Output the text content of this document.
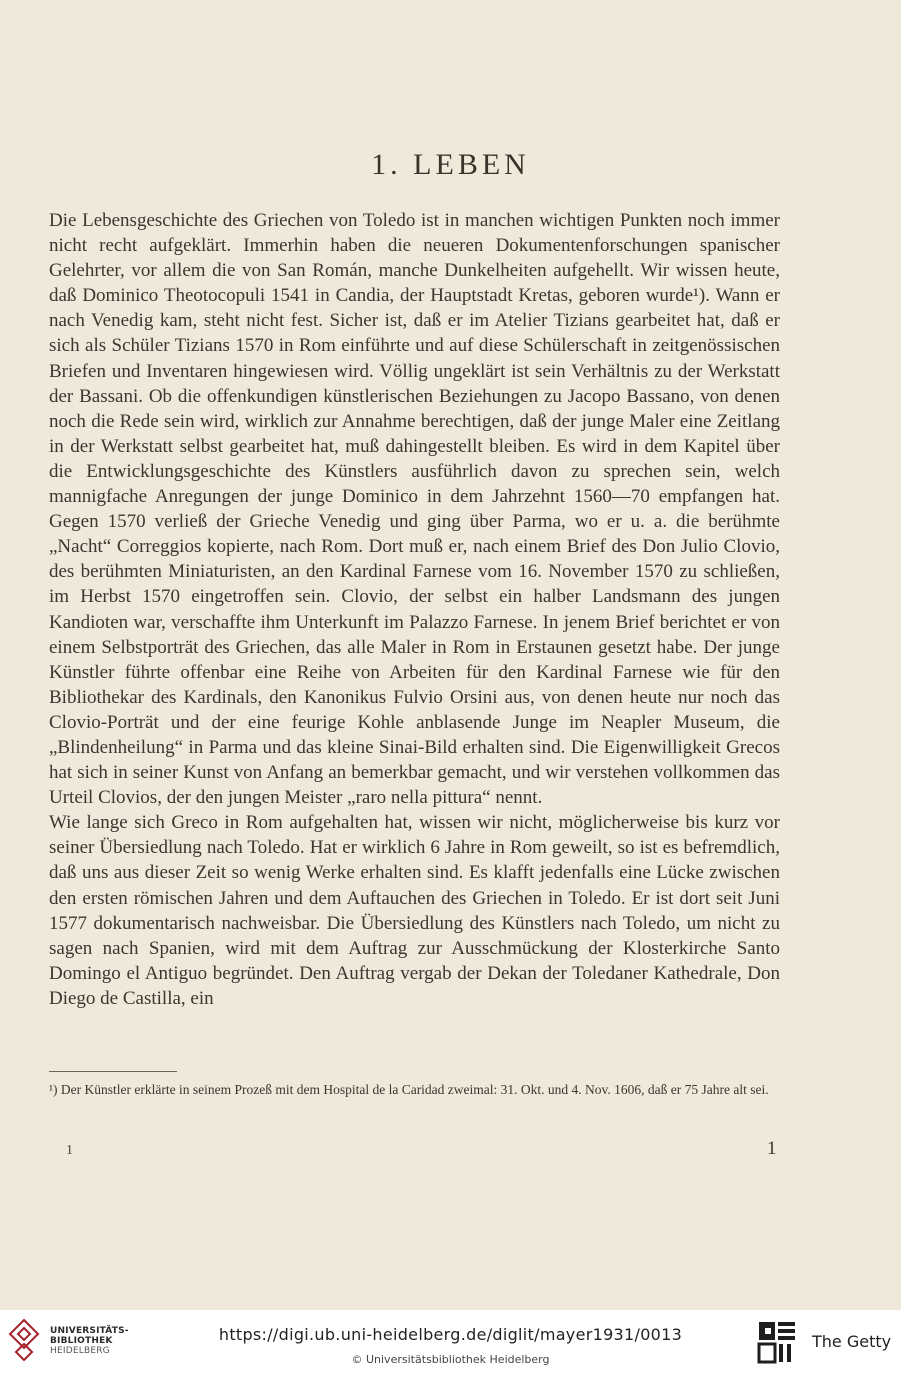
1. LEBEN

Die Lebensgeschichte des Griechen von Toledo ist in manchen wichtigen Punkten noch immer nicht recht aufgeklärt. Immerhin haben die neueren Dokumentenforschungen spanischer Gelehrter, vor allem die von San Román, manche Dunkelheiten aufgehellt. Wir wissen heute, daß Dominico Theotocopuli 1541 in Candia, der Hauptstadt Kretas, geboren wurde¹). Wann er nach Venedig kam, steht nicht fest. Sicher ist, daß er im Atelier Tizians gearbeitet hat, daß er sich als Schüler Tizians 1570 in Rom einführte und auf diese Schülerschaft in zeitgenössischen Briefen und Inventaren hingewiesen wird. Völlig ungeklärt ist sein Verhältnis zu der Werkstatt der Bassani. Ob die offenkundigen künstlerischen Beziehungen zu Jacopo Bassano, von denen noch die Rede sein wird, wirklich zur Annahme berechtigen, daß der junge Maler eine Zeitlang in der Werkstatt selbst gearbeitet hat, muß dahingestellt bleiben. Es wird in dem Kapitel über die Entwicklungsgeschichte des Künstlers ausführlich davon zu sprechen sein, welch mannigfache Anregungen der junge Dominico in dem Jahrzehnt 1560—70 empfangen hat. Gegen 1570 verließ der Grieche Venedig und ging über Parma, wo er u. a. die berühmte „Nacht“ Correggios kopierte, nach Rom. Dort muß er, nach einem Brief des Don Julio Clovio, des berühmten Miniaturisten, an den Kardinal Farnese vom 16. November 1570 zu schließen, im Herbst 1570 eingetroffen sein. Clovio, der selbst ein halber Landsmann des jungen Kandioten war, verschaffte ihm Unterkunft im Palazzo Farnese. In jenem Brief berichtet er von einem Selbstporträt des Griechen, das alle Maler in Rom in Erstaunen gesetzt habe. Der junge Künstler führte offenbar eine Reihe von Arbeiten für den Kardinal Farnese wie für den Bibliothekar des Kardinals, den Kanonikus Fulvio Orsini aus, von denen heute nur noch das Clovio-Porträt und der eine feurige Kohle anblasende Junge im Neapler Museum, die „Blindenheilung“ in Parma und das kleine Sinai-Bild erhalten sind. Die Eigenwilligkeit Grecos hat sich in seiner Kunst von Anfang an bemerkbar gemacht, und wir verstehen vollkommen das Urteil Clovios, der den jungen Meister „raro nella pittura“ nennt.

Wie lange sich Greco in Rom aufgehalten hat, wissen wir nicht, möglicherweise bis kurz vor seiner Übersiedlung nach Toledo. Hat er wirklich 6 Jahre in Rom geweilt, so ist es befremdlich, daß uns aus dieser Zeit so wenig Werke erhalten sind. Es klafft jedenfalls eine Lücke zwischen den ersten römischen Jahren und dem Auftauchen des Griechen in Toledo. Er ist dort seit Juni 1577 dokumentarisch nachweisbar. Die Übersiedlung des Künstlers nach Toledo, um nicht zu sagen nach Spanien, wird mit dem Auftrag zur Ausschmückung der Klosterkirche Santo Domingo el Antiguo begründet. Den Auftrag vergab der Dekan der Toledaner Kathedrale, Don Diego de Castilla, ein

¹) Der Künstler erklärte in seinem Prozeß mit dem Hospital de la Caridad zweimal: 31. Okt. und 4. Nov. 1606, daß er 75 Jahre alt sei.
1	1
UNIVERSITÄTS-
BIBLIOTHEK
HEIDELBERG
https://digi.ub.uni-heidelberg.de/diglit/mayer1931/0013
© Universitätsbibliothek Heidelberg
The Getty
